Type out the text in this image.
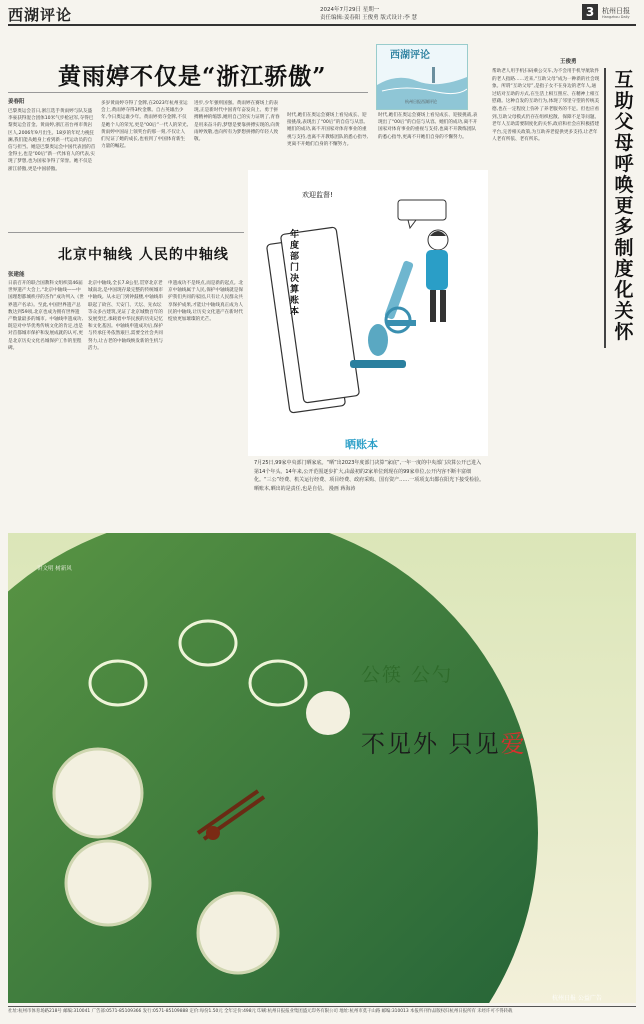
西湖评论	2024年7月29日 星期一
责任编辑:姜春阳 王俊勇 版式设计:李 慧	3	杭州日报
Hangzhou Daily
黄雨婷不仅是“浙江骄傲”
姜春阳
巴黎奥运会首日,浙江选手黄雨婷与队友盛李豪获得混合团体10米气步枪冠军,夺得巴黎奥运会首金。黄雨婷,浙江省台州市黄岩区人,2006年9月出生。18岁的年纪力挽狂澜,我们能从她身上看到新一代运动员的自信与担当。她是巴黎奥运会中国代表团的首金得主,也是“00后”新一代体育人的代表,实现了梦想,也为国家争得了荣誉。她不仅是浙江骄傲,更是中国骄傲。
多岁黄雨婷夺得了金牌,在2023年杭州亚运会上,黄雨婷夺得3枚金牌。自古英雄出少年,今日奥运谁少年。黄雨婷勇夺金牌,不仅是她个人的荣光,更是“00后”一代人的荣光,黄雨婷中国站上领奖台的那一刻,不仅让人们见证了她的成长,也看到了中国体育新生力量的崛起。
进步,少年强则国强。黄雨婷在赛场上的表现,正是新时代中国青年奋发向上、勇于拼搏精神的缩影,她用自己的实力证明了,青春是用来奋斗的,梦想是要靠拼搏实现的,向黄雨婷致敬,也向所有为梦想拼搏的年轻人致敬。
时代,她们在奥运会赛场上看见成长、迎接挑战,表现出了“00后”的自信与从容。她们的成功,离不开国家对体育事业的重视与支持,也离不开教练团队的悉心指导,更离不开她们自身的不懈努力。
时代,她们在奥运会赛场上看见成长、迎接挑战,表现出了“00后”的自信与从容。她们的成功,离不开国家对体育事业的重视与支持,也离不开教练团队的悉心指导,更离不开她们自身的不懈努力。
西湖评论
杭州日报西湖评论
互助父母呼唤更多制度化关怀
王俊勇
帮助老人用手机扫码乘公交车,为不会用手机导航软件的老人指路……近来,“互助父母”成为一种新的社会现象。所谓“互助父母”,是指子女不在身边的老年人,通过结对互助的方式,在生活上相互照应、在精神上相互慰藉。这种自发的互助行为,体现了邻里守望的传统美德,也在一定程度上弥补了养老服务的不足。但也应看到,互助父母模式仍存在组织松散、保障不足等问题。老年人互助需要制度化的关怀,政府和社会应积极搭建平台,完善相关政策,为互助养老提供更多支持,让老年人老有所依、老有所乐。
北京中轴线 人民的中轴线
张建能
日前召开的联合国教科文组织第46届世界遗产大会上,“北京中轴线——中国理想都城秩序的杰作”成功列入《世界遗产名录》。至此,中国世界遗产总数达到59项,北京也成为拥有世界遗产数量最多的城市。中轴线申遗成功,既是对中华优秀传统文化的肯定,也是对首都城市保护和发展成就的认可,更是北京历史文化名城保护工作的里程碑。
北京中轴线,全长7.8公里,贯穿北京老城南北,是中国现存最完整的传统城市中轴线。从永定门到钟鼓楼,中轴线串联起了故宫、天安门、天坛、先农坛等众多古建筑,见证了北京城数百年的发展变迁,承载着中华民族的历史记忆和文化基因。中轴线申遗成功后,保护与传承任务依然艰巨,需要全社会共同努力,让古老的中轴线焕发新的生机与活力。
申遗成功不是终点,而是新的起点。北京中轴线属于人民,保护中轴线就是保护我们共同的家园,只有让人民群众共享保护成果,才能让中轴线真正成为人民的中轴线,让历史文化遗产在新时代绽放更加璀璨的光芒。
欢迎监督!
年度部门决算账本
晒账本
7月25日,99家中央部门晒家底。“晒”出2023年度部门决算“家底”,一年一度的中央部门决算公开已进入第14个年头。14年来,公开范围逐步扩大,由最初的2家单位到现在的99家单位,公开内容不断丰富细化。“三公”经费、机关运行经费、项目经费、政府采购、国有资产……一项项支出都在阳光下接受检验。晒账本,晒出的是责任,也是自信。 漫画 蒋海涛
讲文明 树新风
公筷 公勺
不见外 只见爱
杭州日报 公益广告
社址:杭州市体育场路218号 邮编:310041 广告部:0571-85109366 发行:0571-85109888 定价:每份1.50元 全年定价:498元 印刷:杭州日报报业集团盛元印务有限公司 地址:杭州市莫干山路 邮编:310013 本报所刊作品版权归杭州日报所有 未经许可不得转载
